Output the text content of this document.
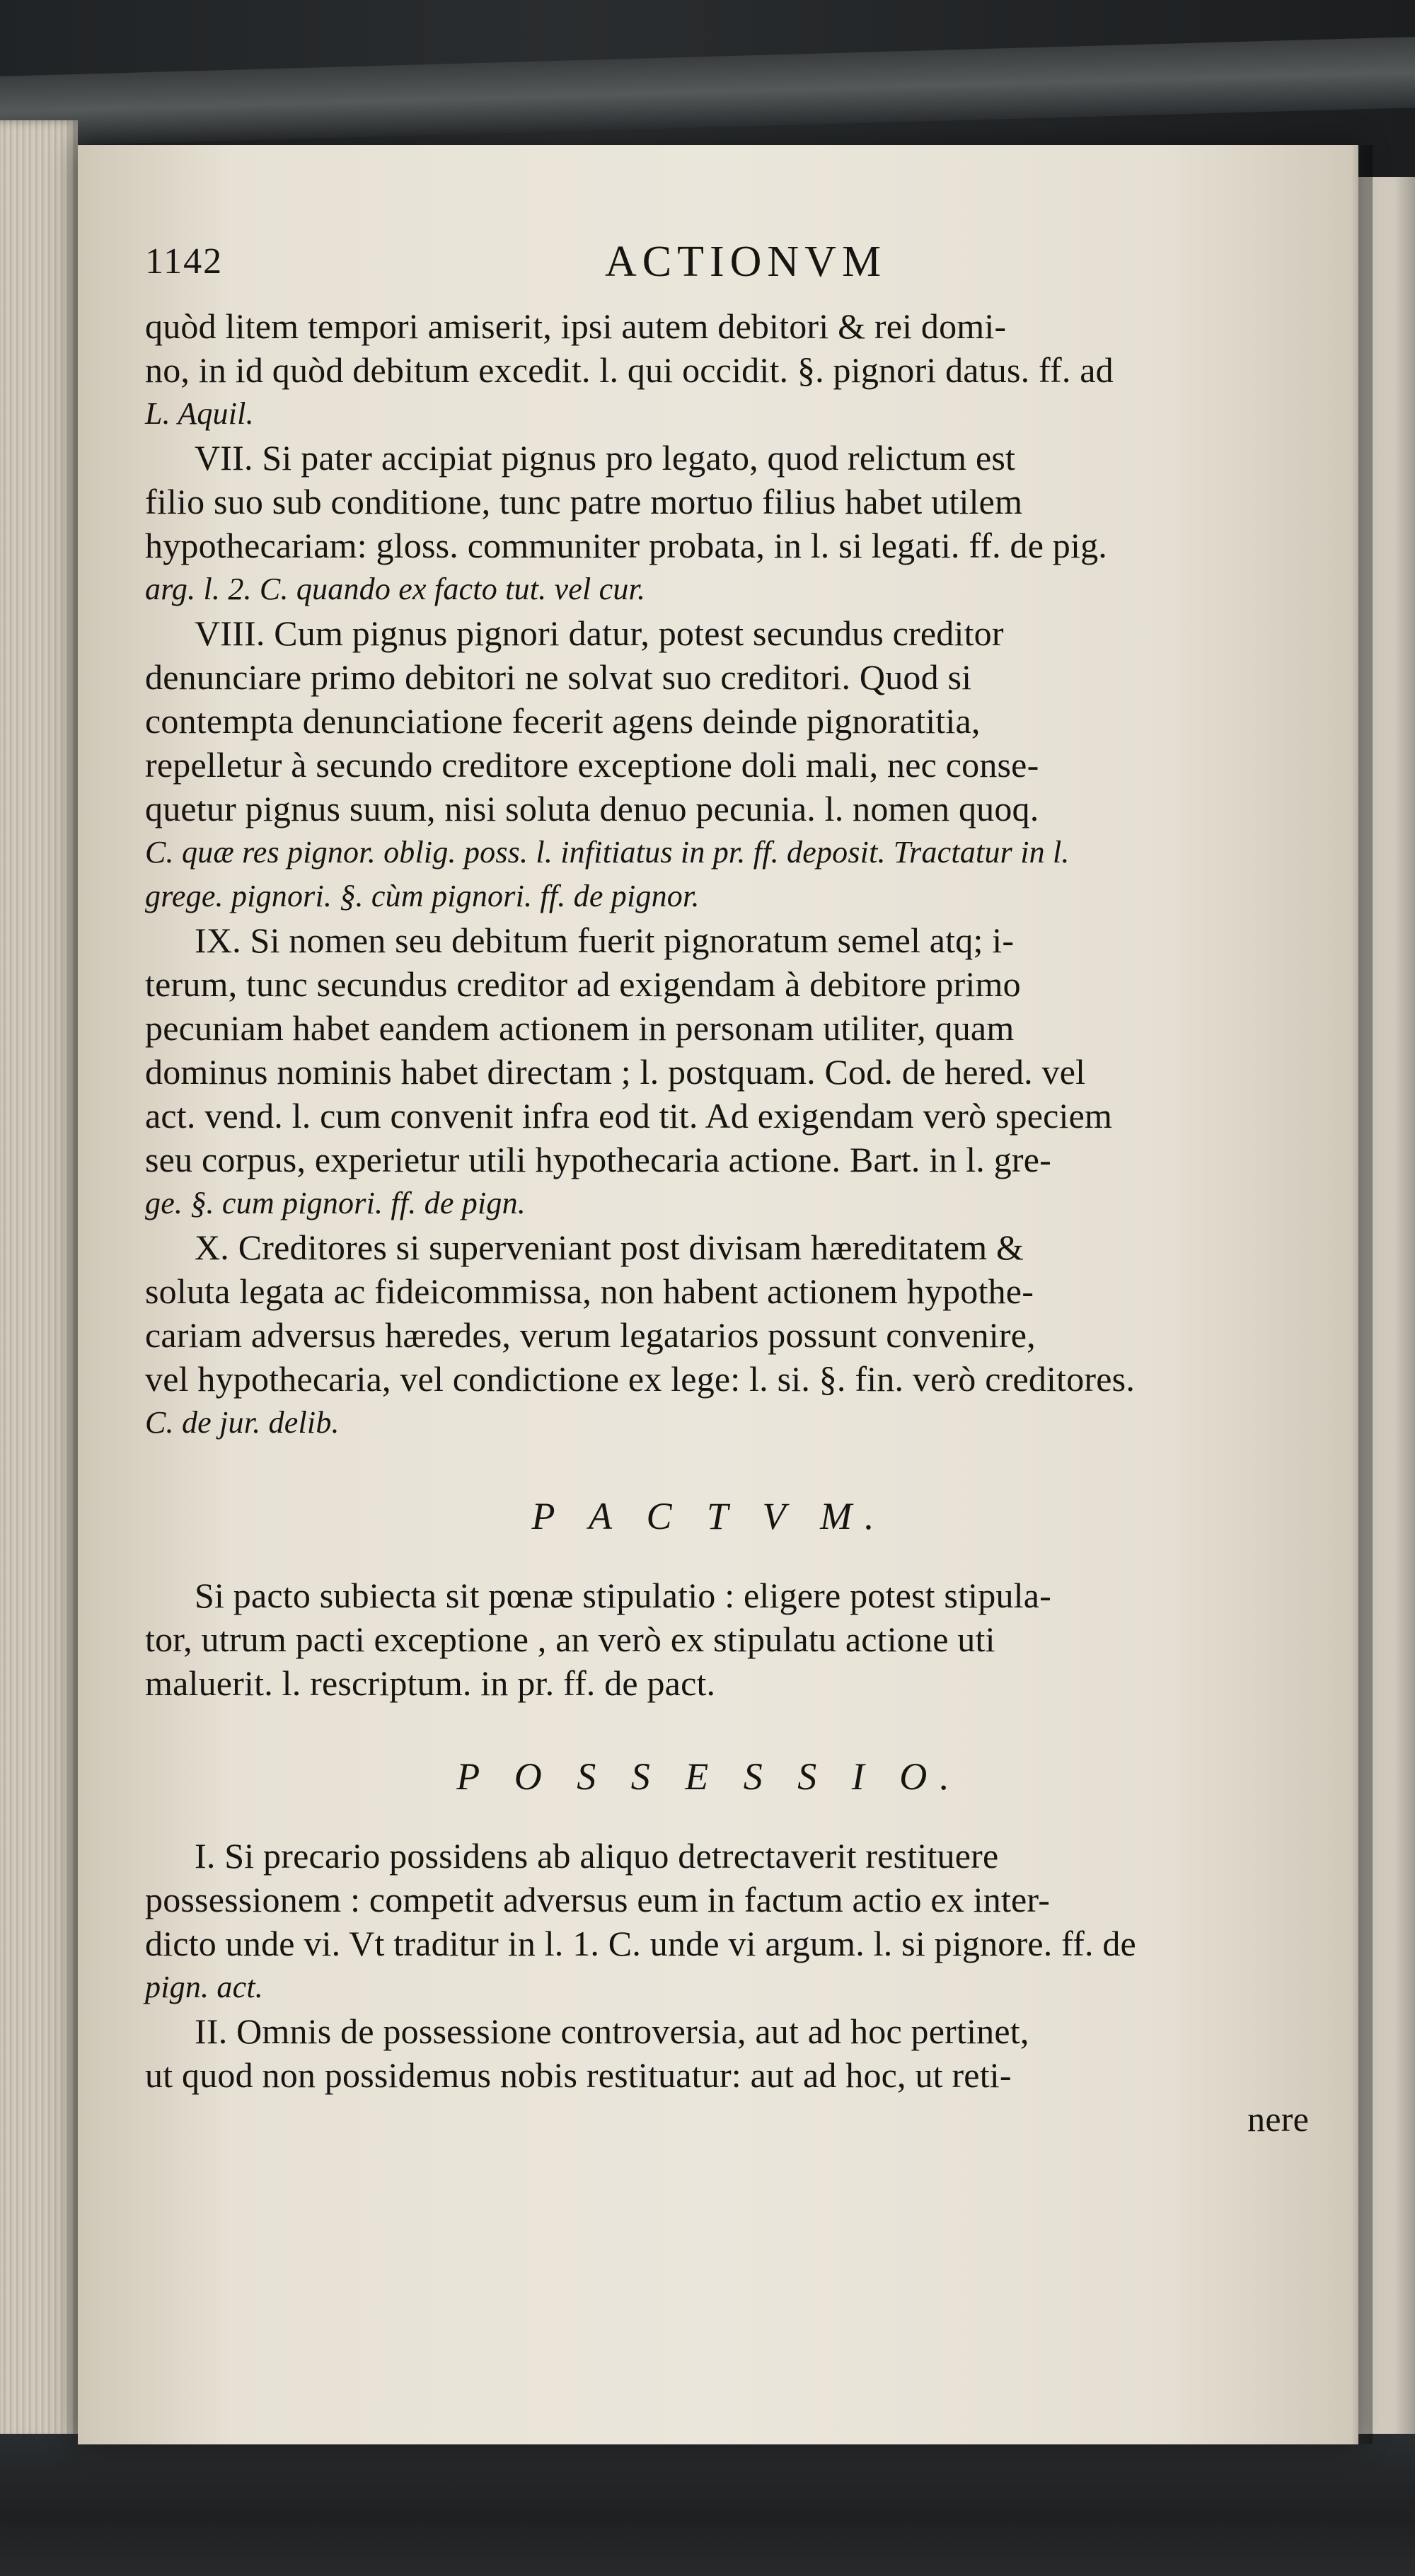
1142	ACTIONVM
quòd litem tempori amiserit, ipsi autem debitori & rei domi-
no, in id quòd debitum excedit. l. qui occidit. §. pignori datus. ff. ad
L. Aquil.
VII. Si pater accipiat pignus pro legato, quod relictum est
filio suo sub conditione, tunc patre mortuo filius habet utilem
hypothecariam: gloss. communiter probata, in l. si legati. ff. de pig.
arg. l. 2. C. quando ex facto tut. vel cur.
VIII. Cum pignus pignori datur, potest secundus creditor
denunciare primo debitori ne solvat suo creditori. Quod si
contempta denunciatione fecerit agens deinde pignoratitia,
repelletur à secundo creditore exceptione doli mali, nec conse-
quetur pignus suum, nisi soluta denuo pecunia. l. nomen quoq.
C. quæ res pignor. oblig. poss. l. infitiatus in pr. ff. deposit. Tractatur in l.
grege. pignori. §. cùm pignori. ff. de pignor.
IX. Si nomen seu debitum fuerit pignoratum semel atq; i-
terum, tunc secundus creditor ad exigendam à debitore primo
pecuniam habet eandem actionem in personam utiliter, quam
dominus nominis habet directam ; l. postquam. Cod. de hered. vel
act. vend. l. cum convenit infra eod tit. Ad exigendam verò speciem
seu corpus, experietur utili hypothecaria actione. Bart. in l. gre-
ge. §. cum pignori. ff. de pign.
X. Creditores si superveniant post divisam hæreditatem &
soluta legata ac fideicommissa, non habent actionem hypothe-
cariam adversus hæredes, verum legatarios possunt convenire,
vel hypothecaria, vel condictione ex lege: l. si. §. fin. verò creditores.
C. de jur. delib.
P A C T V M.
Si pacto subiecta sit pœnæ stipulatio : eligere potest stipula-
tor, utrum pacti exceptione , an verò ex stipulatu actione uti
maluerit. l. rescriptum. in pr. ff. de pact.
P O S S E S S I O.
I. Si precario possidens ab aliquo detrectaverit restituere
possessionem : competit adversus eum in factum actio ex inter-
dicto unde vi. Vt traditur in l. 1. C. unde vi argum. l. si pignore. ff. de
pign. act.
II. Omnis de possessione controversia, aut ad hoc pertinet,
ut quod non possidemus nobis restituatur: aut ad hoc, ut reti-
nere
